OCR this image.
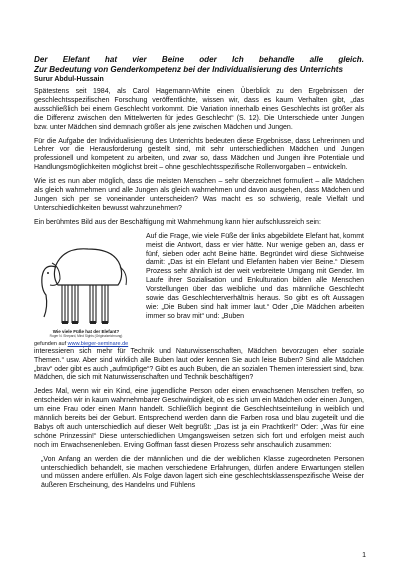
Der Elefant hat vier Beine oder Ich behandle alle gleich.

Zur Bedeutung von Genderkompetenz bei der Individualisierung des Unterrichts

Surur Abdul-Hussain

Spätestens seit 1984, als Carol Hagemann-White einen Überblick zu den Ergebnissen der geschlechtsspezifischen Forschung veröffentlichte, wissen wir, dass es kaum Verhalten gibt, „das ausschließlich bei einem Geschlecht vorkommt. Die Variation innerhalb eines Geschlechts ist größer als die Differenz zwischen den Mittelwerten für jedes Geschlecht“ (S. 12). Die Unterschiede unter Jungen bzw. unter Mädchen sind demnach größer als jene zwischen Mädchen und Jungen.

Für die Aufgabe der Individualisierung des Unterrichts bedeuten diese Ergebnisse, dass Lehrerinnen und Lehrer vor die Herausforderung gestellt sind, mit sehr unterschiedlichen Mädchen und Jungen professionell und kompetent zu arbeiten, und zwar so, dass Mädchen und Jungen ihre Potentiale und Handlungsmöglichkeiten möglichst breit – ohne geschlechtsspezifische Rollenvorgaben – entwickeln.

Wie ist es nun aber möglich, dass die meisten Menschen – sehr überzeichnet formuliert – alle Mädchen als gleich wahrnehmen und alle Jungen als gleich wahrnehmen und davon ausgehen, dass Mädchen und Jungen sich per se voneinander unterscheiden? Was macht es so schwierig, reale Vielfalt und Unterschiedlichkeiten bewusst wahrzunehmen?

Ein berühmtes Bild aus der Beschäftigung mit Wahrnehmung kann hier aufschlussreich sein:

Wie viele Füße hat der Elefant?
Roger N. Shepard, Mind Sights (Originalzeichnung)
gefunden auf www.bieger-seminare.de

Auf die Frage, wie viele Füße der links abgebildete Elefant hat, kommt meist die Antwort, dass er vier hätte. Nur wenige geben an, dass er fünf, sieben oder acht Beine hätte. Begründet wird diese Sichtweise damit: „Das ist ein Elefant und Elefanten haben vier Beine.“ Diesem Prozess sehr ähnlich ist der weit verbreitete Umgang mit Gender. Im Laufe ihrer Sozialisation und Enkulturation bilden alle Menschen Vorstellungen über das weibliche und das männliche Geschlecht sowie das Geschlechterverhältnis heraus. So gibt es oft Aussagen wie: „Die Buben sind halt immer laut.“ Oder „Die Mädchen arbeiten immer so brav mit“ und: „Buben

interessieren sich mehr für Technik und Naturwissenschaften, Mädchen bevorzugen eher soziale Themen.“ usw. Aber sind wirklich alle Buben laut oder kennen Sie auch leise Buben? Sind alle Mädchen „brav“ oder gibt es auch „aufmüpfige“? Gibt es auch Buben, die an sozialen Themen interessiert sind, bzw. Mädchen, die sich mit Naturwissenschaften und Technik beschäftigen?

Jedes Mal, wenn wir ein Kind, eine jugendliche Person oder einen erwachsenen Menschen treffen, so entscheiden wir in kaum wahrnehmbarer Geschwindigkeit, ob es sich um ein Mädchen oder einen Jungen, um eine Frau oder einen Mann handelt. Schließlich beginnt die Geschlechtseinteilung in weiblich und männlich bereits bei der Geburt. Entsprechend werden dann die Farben rosa und blau zugeteilt und die Babys oft auch unterschiedlich auf dieser Welt begrüßt: „Das ist ja ein Prachtkerl!“ Oder: „Was für eine schöne Prinzessin!“ Diese unterschiedlichen Umgangsweisen setzen sich fort und erfolgen meist auch noch im Erwachsenenleben. Erving Goffman fasst diesen Prozess sehr anschaulich zusammen:

„Von Anfang an werden die der männlichen und die der weiblichen Klasse zugeordneten Personen unterschiedlich behandelt, sie machen verschiedene Erfahrungen, dürfen andere Erwartungen stellen und müssen andere erfüllen. Als Folge davon lagert sich eine geschlechtsklassenspezifische Weise der äußeren Erscheinung, des Handelns und Fühlens

1
